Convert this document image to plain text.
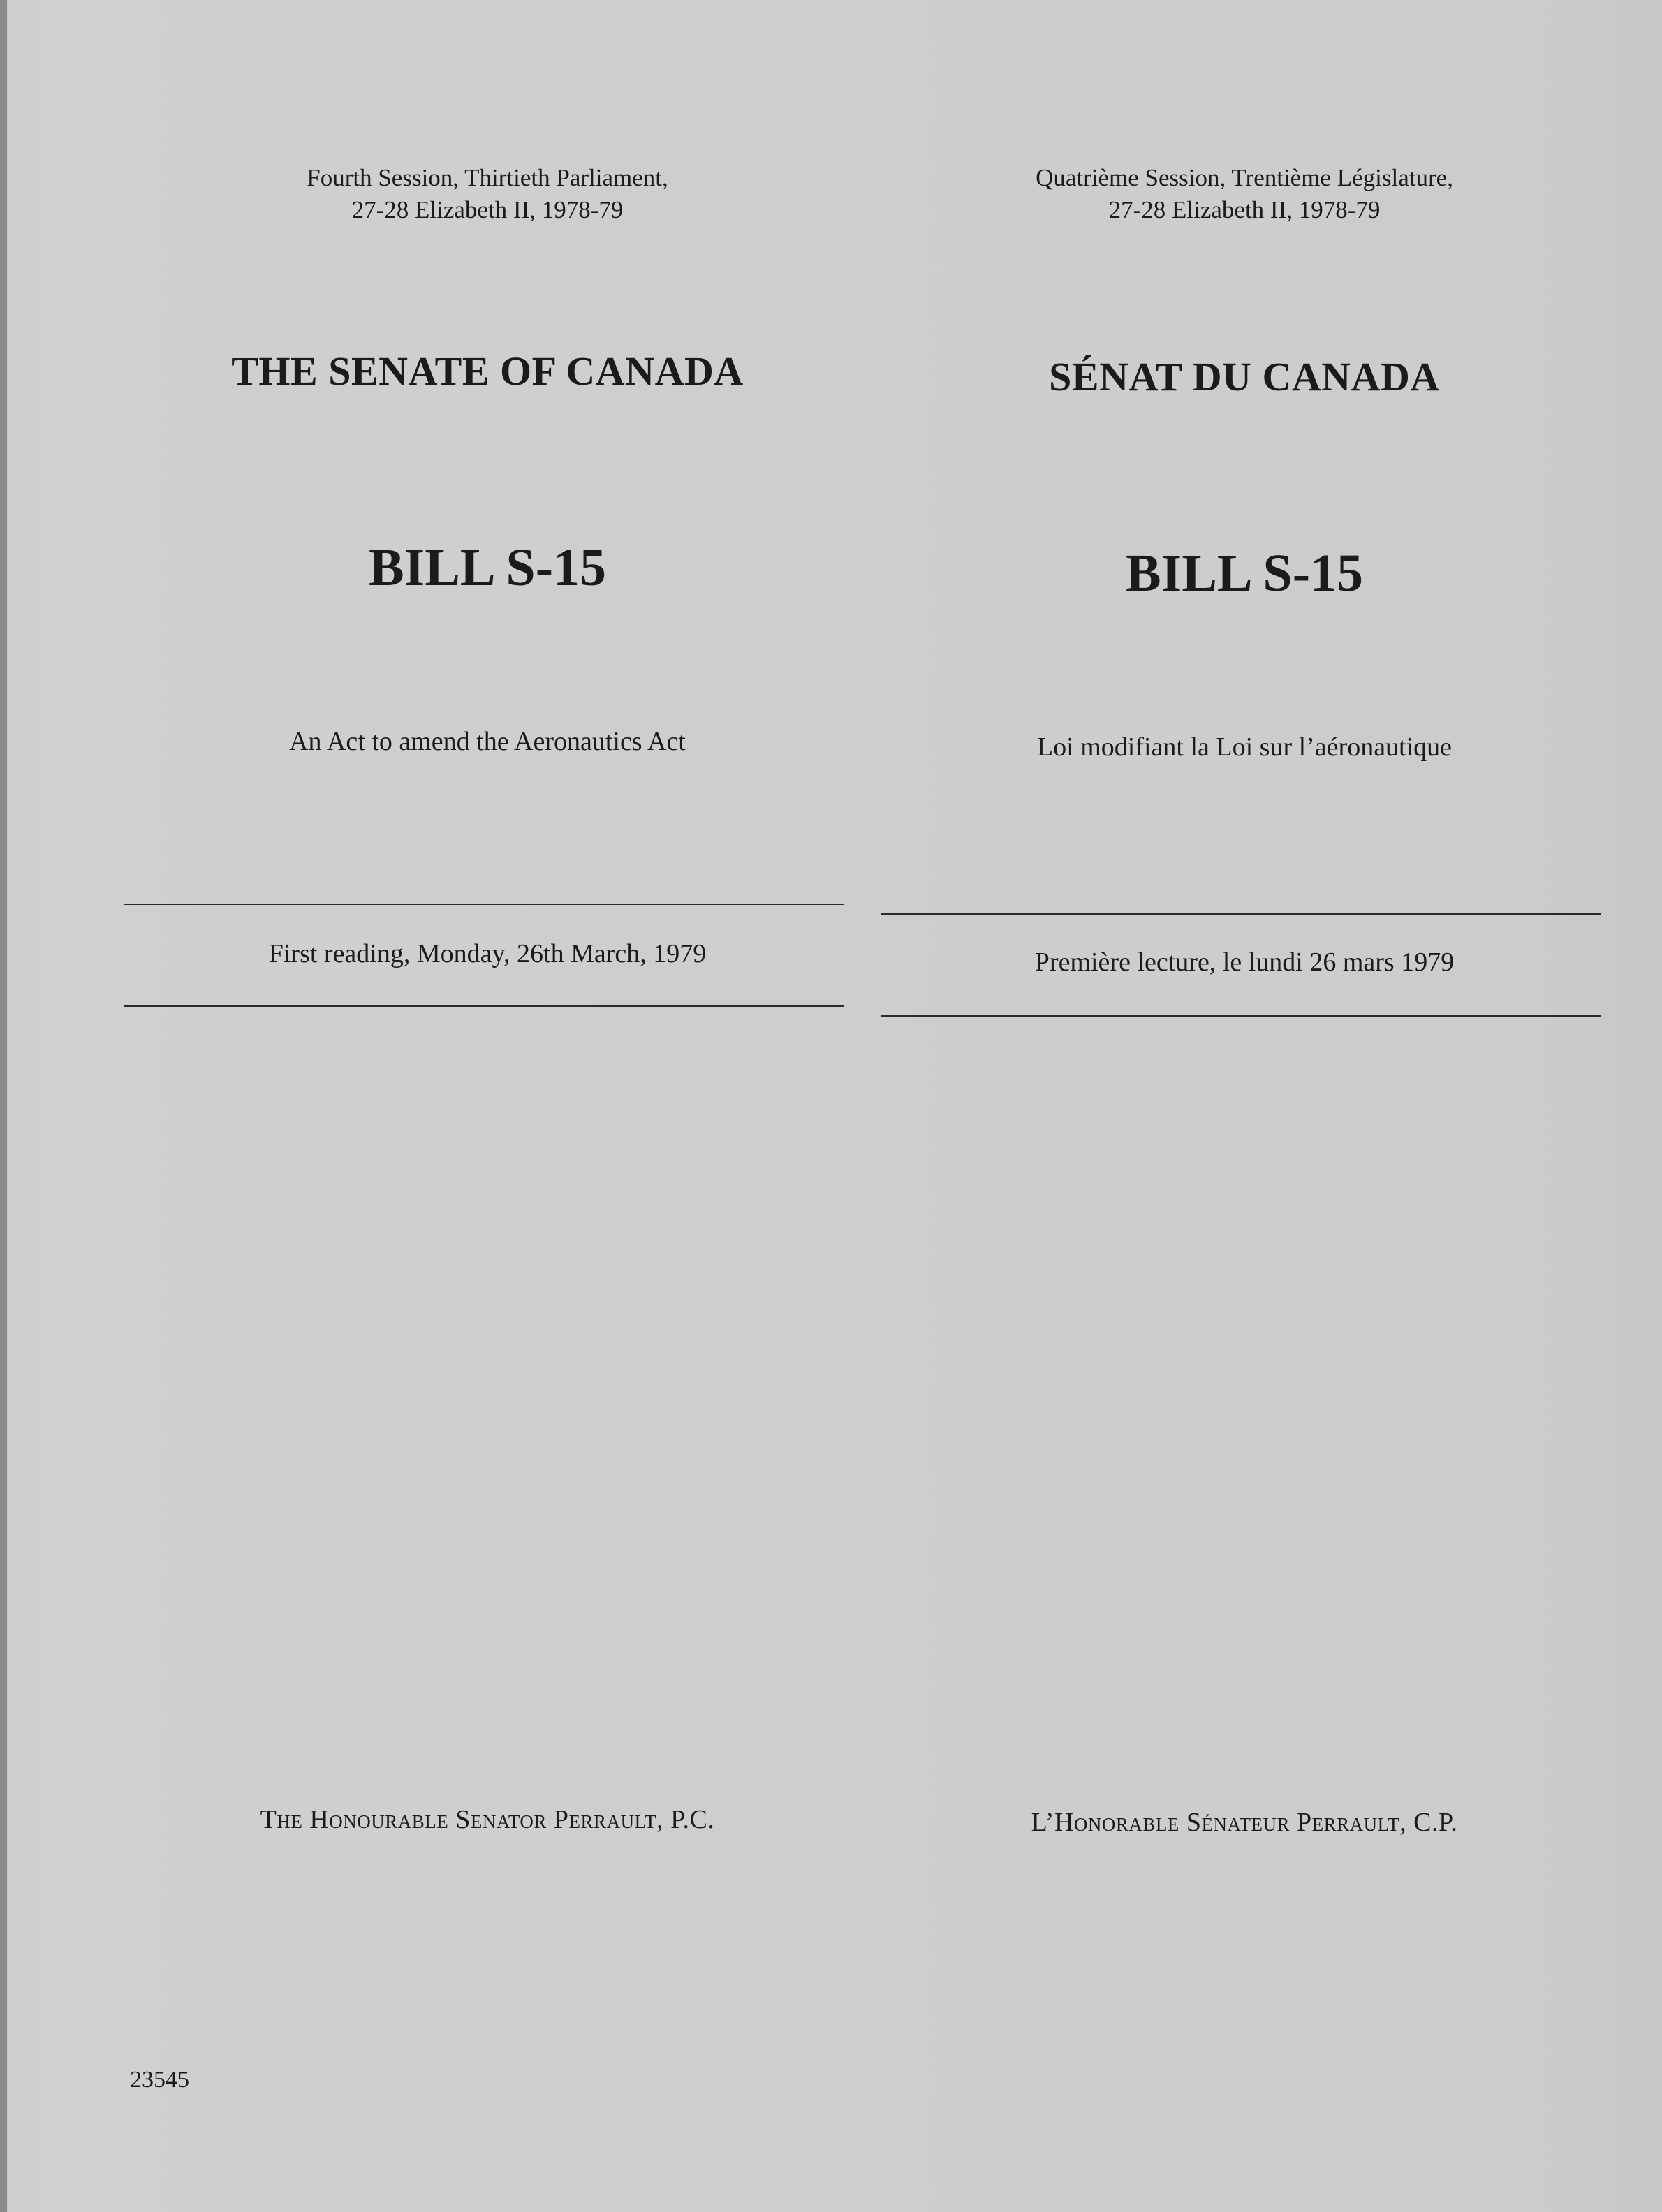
Fourth Session, Thirtieth Parliament,
27-28 Elizabeth II, 1978-79
THE SENATE OF CANADA
BILL S-15
An Act to amend the Aeronautics Act
First reading, Monday, 26th March, 1979
The Honourable Senator Perrault, P.C.
Quatrième Session, Trentième Législature,
27-28 Elizabeth II, 1978-79
SÉNAT DU CANADA
BILL S-15
Loi modifiant la Loi sur l’aéronautique
Première lecture, le lundi 26 mars 1979
L’Honorable Sénateur Perrault, C.P.
23545
